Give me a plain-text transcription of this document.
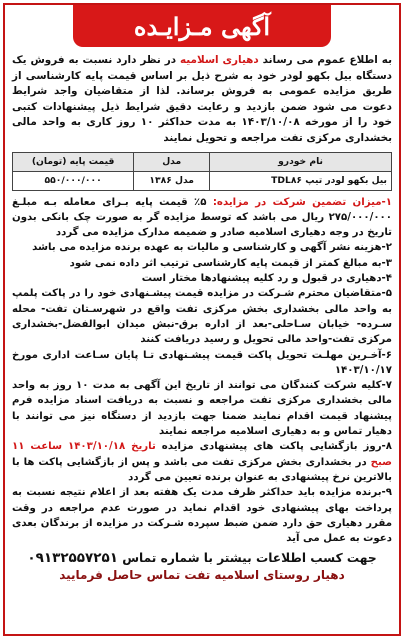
آگهی مـزایـده

به اطلاع عموم می رساند دهیاری اسلامیه در نظر دارد نسبت به فروش یک دستگاه بیل بکهو لودر خود به شرح ذیل بر اساس قیمت پایه کارشناسی از طریق مزایده عمومی به فروش برساند. لذا از متقاضیان واجد شرایط دعوت می شود ضمن بازدید و رعایت دقیق شرایط ذیل پیشنهادات کتبی خود را از مورخه ۱۴۰۳/۱۰/۰۸ به مدت حداکثر ۱۰ روز کاری به واحد مالی بخشداری مرکزی تفت مراجعه و تحویل نمایند

نام خودرو	مدل	قیمت پایه (تومان)
بیل بکهو لودر تیپ TDL۸۶	مدل ۱۳۸۶	۵۵۰/۰۰۰/۰۰۰

۱-میزان تضمین شرکت در مزایده: ۵٪ قیمت پایه بـرای معامله بـه مبلـغ ۲۷۵/۰۰۰/۰۰۰ ریال می باشد که توسط مزایده گر به صورت چک بانکی بدون تاریخ در وجه دهیاری اسلامیه صادر و ضمیمه مدارک مزایده می گردد

۲-هزینه نشر آگهی و کارشناسی و مالیات به عهده برنده مزایده می باشد

۳-به مبالغ کمتر از قیمت پایه کارشناسی ترتیب اثر داده نمی شود

۴-دهیاری در قبول و رد کلیه پیشنهادها مختار است

۵-متقاضیان محترم شـرکت در مزایده قیمت پیشـنهادی خود را در پاکت پلمپ به واحد مالی بخشداری بخش مرکزی تفت واقع در شهرسـتان تفت- محله سـرده- خیابان سـاحلی-بعد از اداره برق-نبش میدان ابوالفضل-بخشداری مرکزی تفت-واحد مالی تحویل و رسید دریافت کنند

۶-آخـرین مهلـت تحویل پاکت قیمت پیشـنهادی تـا پایان سـاعت اداری مورخ ۱۴۰۳/۱۰/۱۷

۷-کلیه شرکت کنندگان می توانند از تاریخ این آگهی به مدت ۱۰ روز به واحد مالی بخشداری مرکزی تفت مراجعه و نسبت به دریافت اسناد مزایده فرم پیشنهاد قیمت اقدام نمایند ضمنا جهت بازدید از دستگاه نیز می توانند با دهیار تماس و به دهیاری اسلامیه مراجعه نمایند

۸-روز بازگشایی پاکت های پیشنهادی مزایده تاریخ ۱۴۰۳/۱۰/۱۸ ساعت ۱۱ صبح در بخشداری بخش مرکزی تفت می باشد و پس از بازگشایی پاکت ها با بالاترین نرخ پیشنهادی به عنوان برنده تعیین می گردد

۹-برنده مزایده باید حداکثر ظرف مدت یک هفته بعد از اعلام نتیجه نسبت به پرداخت بهای پیشنهادی خود اقدام نماید در صورت عدم مراجعه در وقت مقرر دهیاری حق دارد ضمن ضبط سپرده شـرکت در مزایده از برندگان بعدی دعوت به عمل می آید

جهت کسب اطلاعات بیشتر با شماره تماس ۰۹۱۳۲۵۵۷۲۵۱
دهیار روستای اسلامیه تفت تماس حاصل فرمایید
